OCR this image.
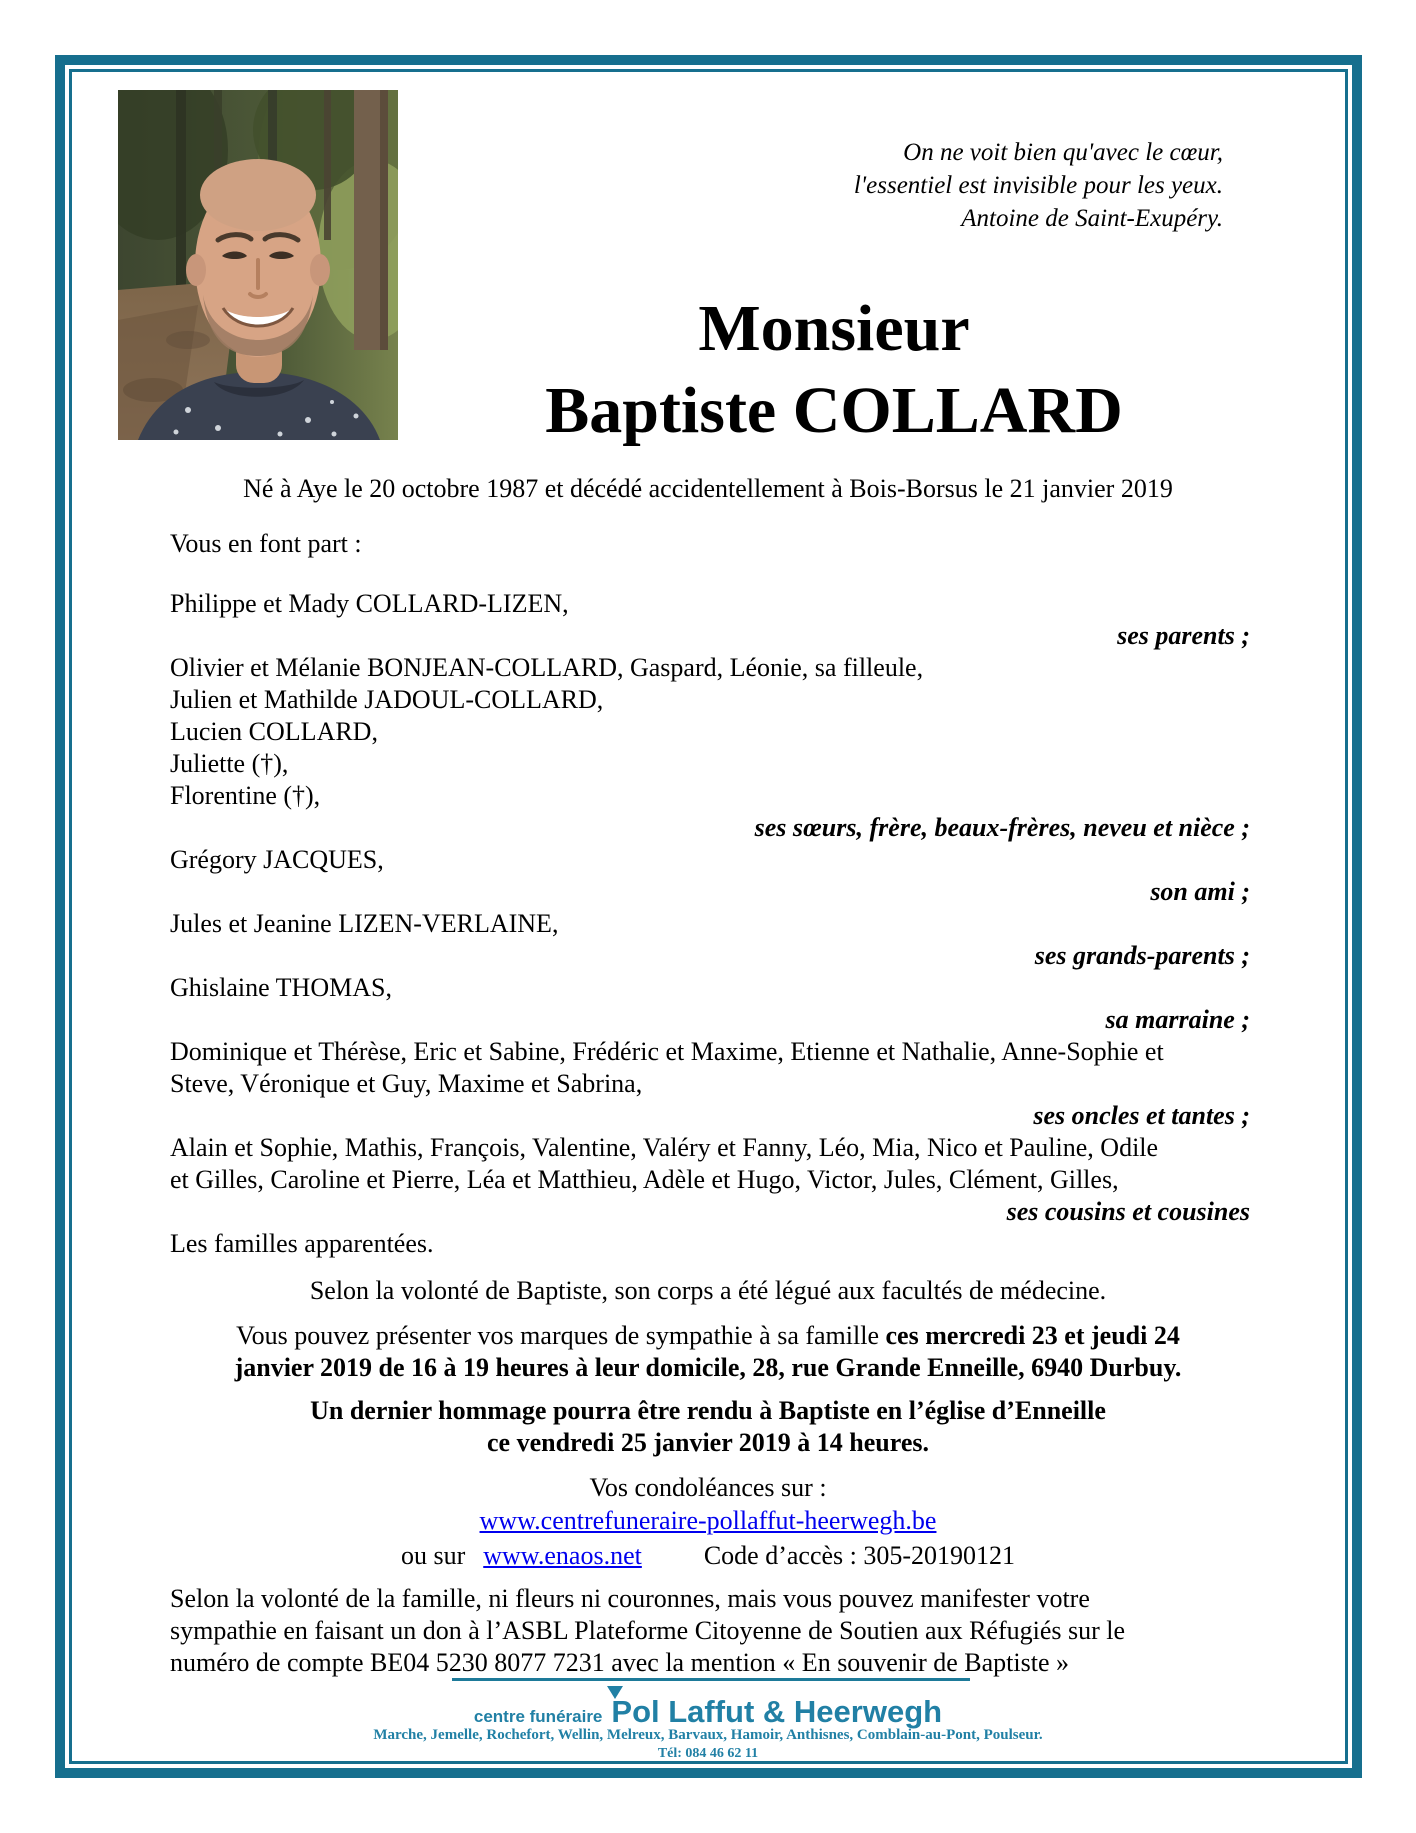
On ne voit bien qu'avec le cœur,
l'essentiel est invisible pour les yeux.
Antoine de Saint-Exupéry.
Monsieur
Baptiste COLLARD
Né à Aye le 20 octobre 1987 et décédé accidentellement à Bois-Borsus le 21 janvier 2019
Vous en font part :
Philippe et Mady COLLARD-LIZEN,
ses parents ;
Olivier et Mélanie BONJEAN-COLLARD, Gaspard, Léonie, sa filleule,
Julien et Mathilde JADOUL-COLLARD,
Lucien COLLARD,
Juliette (†),
Florentine (†),
ses sœurs, frère, beaux-frères, neveu et nièce ;
Grégory JACQUES,
son ami ;
Jules et Jeanine LIZEN-VERLAINE,
ses grands-parents ;
Ghislaine THOMAS,
sa marraine ;
Dominique et Thérèse, Eric et Sabine, Frédéric et Maxime, Etienne et Nathalie, Anne-Sophie et
Steve, Véronique et Guy, Maxime et Sabrina,
ses oncles et tantes ;
Alain et Sophie, Mathis, François, Valentine, Valéry et Fanny, Léo, Mia, Nico et Pauline, Odile
et Gilles, Caroline et Pierre, Léa et Matthieu, Adèle et Hugo, Victor, Jules, Clément, Gilles,
ses cousins et cousines
Les familles apparentées.
Selon la volonté de Baptiste, son corps a été légué aux facultés de médecine.
Vous pouvez présenter vos marques de sympathie à sa famille ces mercredi 23 et jeudi 24
janvier 2019 de 16 à 19 heures à leur domicile, 28, rue Grande Enneille, 6940 Durbuy.
Un dernier hommage pourra être rendu à Baptiste en l’église d’Enneille
ce vendredi 25 janvier 2019 à 14 heures.
Vos condoléances sur :
www.centrefuneraire-pollaffut-heerwegh.be
ou sur www.enaos.net Code d’accès : 305-20190121
Selon la volonté de la famille, ni fleurs ni couronnes, mais vous pouvez manifester votre
sympathie en faisant un don à l’ASBL Plateforme Citoyenne de Soutien aux Réfugiés sur le
numéro de compte BE04 5230 8077 7231 avec la mention « En souvenir de Baptiste »
centre funéraire Pol Laffut & Heerwegh
Marche, Jemelle, Rochefort, Wellin, Melreux, Barvaux, Hamoir, Anthisnes, Comblain-au-Pont, Poulseur.
Tél: 084 46 62 11
